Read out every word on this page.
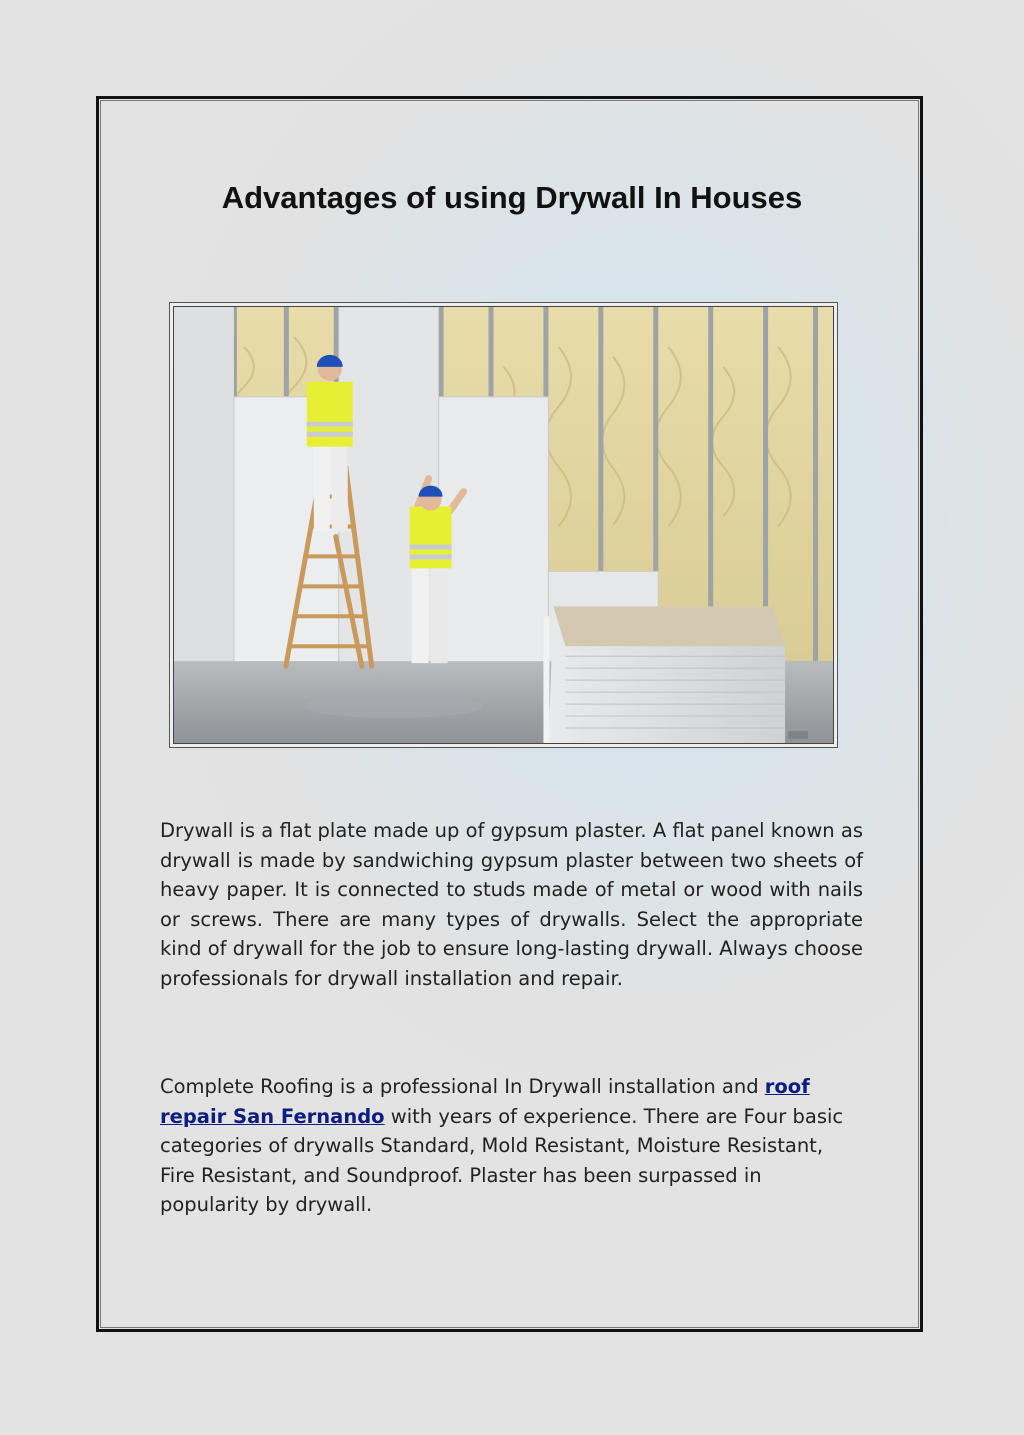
Advantages of using Drywall In Houses

Drywall is a flat plate made up of gypsum plaster. A flat panel known as drywall is made by sandwiching gypsum plaster between two sheets of heavy paper. It is connected to studs made of metal or wood with nails or screws. There are many types of drywalls. Select the appropriate kind of drywall for the job to ensure long-lasting drywall. Always choose professionals for drywall installation and repair.

Complete Roofing is a professional In Drywall installation and roof repair San Fernando with years of experience. There are Four basic categories of drywalls Standard, Mold Resistant, Moisture Resistant, Fire Resistant, and Soundproof. Plaster has been surpassed in popularity by drywall.
